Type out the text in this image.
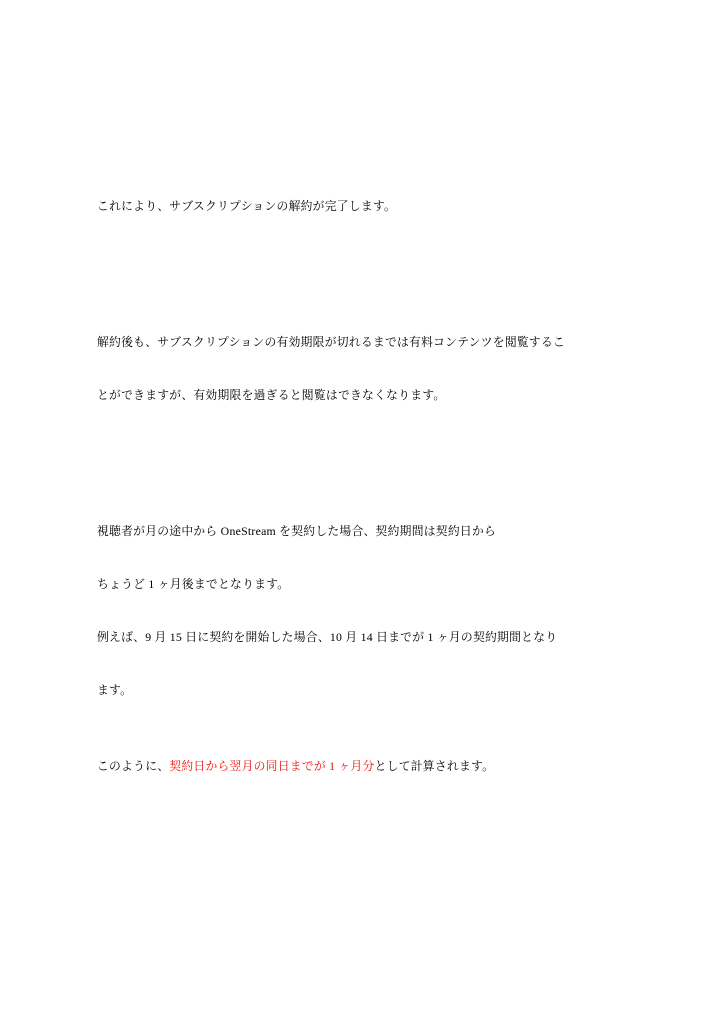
これにより、サブスクリプションの解約が完了します。

解約後も、サブスクリプションの有効期限が切れるまでは有料コンテンツを閲覧するこ

とができますが、有効期限を過ぎると閲覧はできなくなります。

視聴者が月の途中から OneStream を契約した場合、契約期間は契約日から

ちょうど 1 ヶ月後までとなります。

例えば、9 月 15 日に契約を開始した場合、10 月 14 日までが 1 ヶ月の契約期間となり

ます。

このように、契約日から翌月の同日までが 1 ヶ月分として計算されます。
